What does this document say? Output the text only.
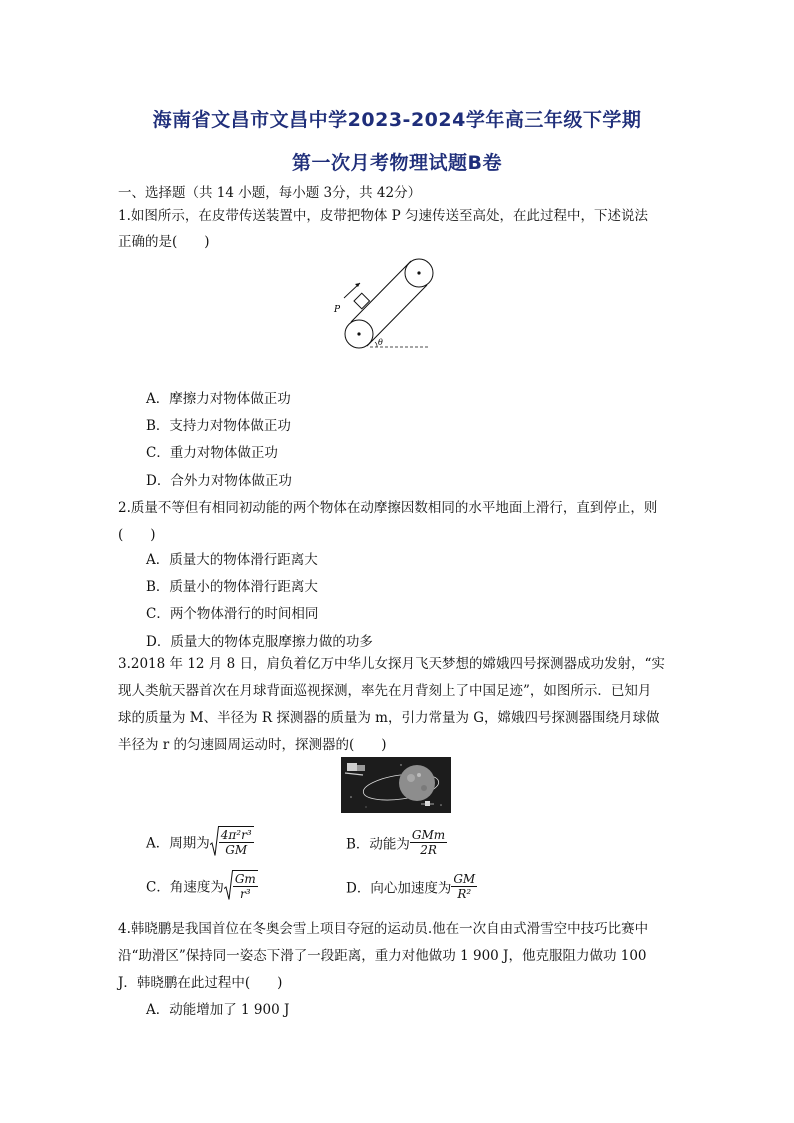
海南省文昌市文昌中学2023-2024学年高三年级下学期
第一次月考物理试题B卷
一、选择题（共 14 小题，每小题 3分，共 42分）
1.如图所示，在皮带传送装置中，皮带把物体 P 匀速传送至高处，在此过程中，下述说法
正确的是(　　)
P
θ
A．摩擦力对物体做正功
B．支持力对物体做正功
C．重力对物体做正功
D．合外力对物体做正功
2.质量不等但有相同初动能的两个物体在动摩擦因数相同的水平地面上滑行，直到停止，则
(　　)
A．质量大的物体滑行距离大
B．质量小的物体滑行距离大
C．两个物体滑行的时间相同
D．质量大的物体克服摩擦力做的功多
3.2018 年 12 月 8 日，肩负着亿万中华儿女探月飞天梦想的嫦娥四号探测器成功发射，“实
现人类航天器首次在月球背面巡视探测，率先在月背刻上了中国足迹”，如图所示．已知月
球的质量为 M、半径为 R 探测器的质量为 m，引力常量为 G，嫦娥四号探测器围绕月球做
半径为 r 的匀速圆周运动时，探测器的(　　)
A．周期为 $\frac{\text{4π²r³}}{GM}$	B．动能为 $\frac{\text{GMm}}{2R}$
C．角速度为 $\frac{Gm}{\text{r³}}$	D．向心加速度为 $\frac{GM}{\text{R²}}$
4.韩晓鹏是我国首位在冬奥会雪上项目夺冠的运动员.他在一次自由式滑雪空中技巧比赛中
沿“助滑区”保持同一姿态下滑了一段距离，重力对他做功 1 900 J，他克服阻力做功 100
J．韩晓鹏在此过程中(　　)
A．动能增加了 1 900 J
